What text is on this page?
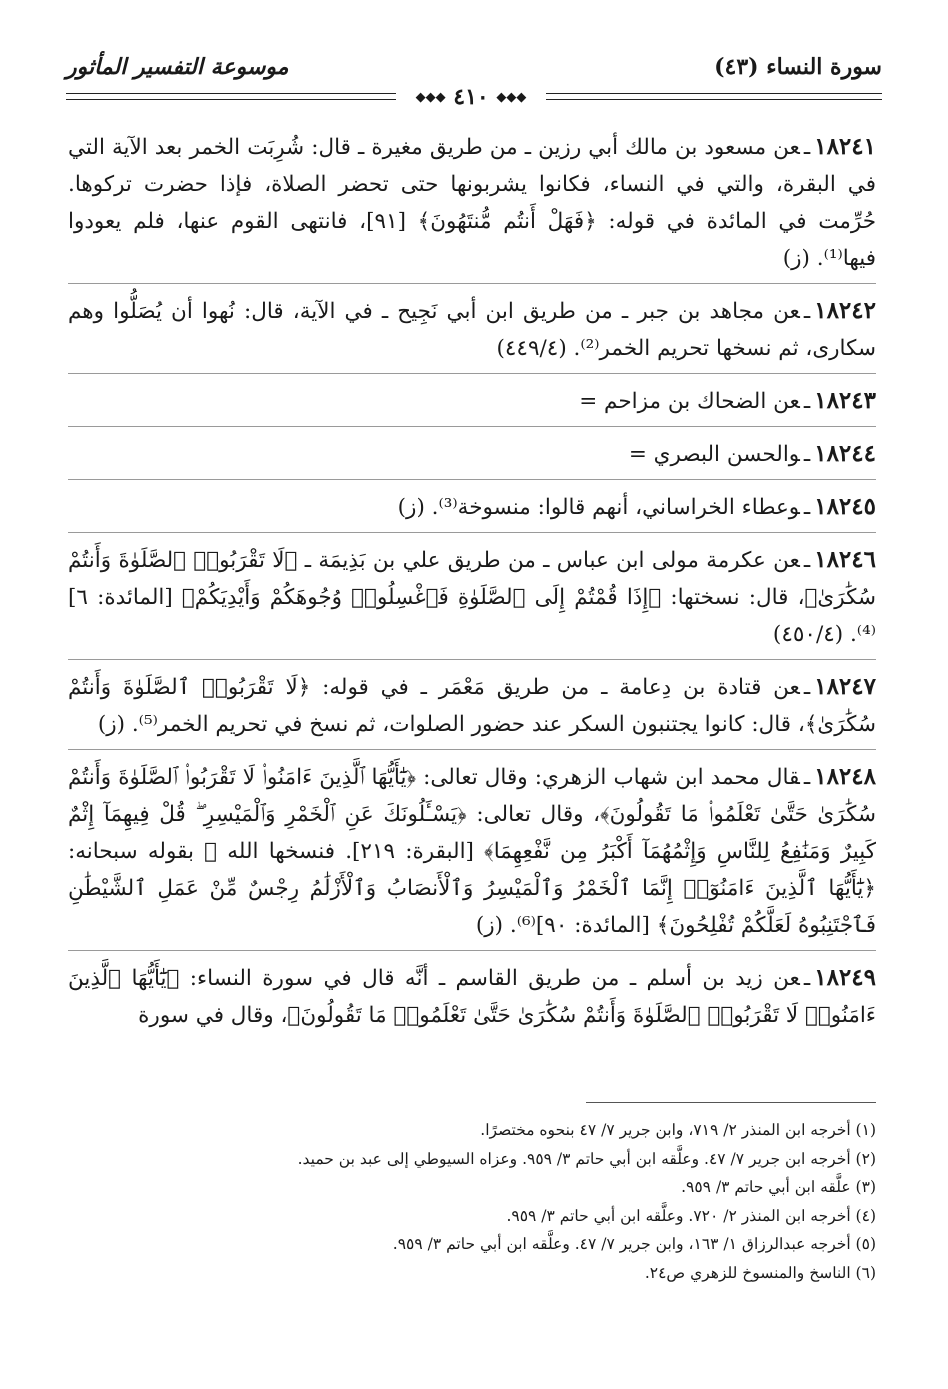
سورة النساء (٤٣)
موسوعة التفسير المأثور
◆◆◆ ٤١٠ ◆◆◆

١٨٢٤١ـعن مسعود بن مالك أبي رزين ـ من طريق مغيرة ـ قال: شُرِبَت الخمر بعد الآية التي في البقرة، والتي في النساء، فكانوا يشربونها حتى تحضر الصلاة، فإذا حضرت تركوها. حُرِّمت في المائدة في قوله: ﴿فَهَلْ أَنتُم مُّنتَهُونَ﴾ [٩١]، فانتهى القوم عنها، فلم يعودوا فيها⁽¹⁾. (ز)

١٨٢٤٢ـعن مجاهد بن جبر ـ من طريق ابن أبي نَجِيح ـ في الآية، قال: نُهوا أن يُصَلُّوا وهم سكارى، ثم نسخها تحريم الخمر⁽²⁾. (٤٤٩/٤)

١٨٢٤٣ـعن الضحاك بن مزاحم =

١٨٢٤٤ـوالحسن البصري =

١٨٢٤٥ـوعطاء الخراساني، أنهم قالوا: منسوخة⁽³⁾. (ز)

١٨٢٤٦ـعن عكرمة مولى ابن عباس ـ من طريق علي بن بَذِيمَة ـ ﴿لَا تَقْرَبُوا۟ ٱلصَّلَوٰةَ وَأَنتُمْ سُكَٰرَىٰ﴾، قال: نسختها: ﴿إِذَا قُمْتُمْ إِلَى ٱلصَّلَوٰةِ فَٱغْسِلُوا۟ وُجُوهَكُمْ وَأَيْدِيَكُمْ﴾ [المائدة: ٦]⁽⁴⁾. (٤٥٠/٤)

١٨٢٤٧ـعن قتادة بن دِعامة ـ من طريق مَعْمَر ـ في قوله: ﴿لَا تَقْرَبُوا۟ ٱلصَّلَوٰةَ وَأَنتُمْ سُكَٰرَىٰ﴾، قال: كانوا يجتنبون السكر عند حضور الصلوات، ثم نسخ في تحريم الخمر⁽⁵⁾. (ز)

١٨٢٤٨ـقال محمد ابن شهاب الزهري: وقال تعالى: ﴿يَٰٓأَيُّهَا ٱلَّذِينَ ءَامَنُوا۟ لَا تَقْرَبُوا۟ ٱلصَّلَوٰةَ وَأَنتُمْ سُكَٰرَىٰ حَتَّىٰ تَعْلَمُوا۟ مَا تَقُولُونَ﴾، وقال تعالى: ﴿يَسْـَٔلُونَكَ عَنِ ٱلْخَمْرِ وَٱلْمَيْسِرِ ۖ قُلْ فِيهِمَآ إِثْمٌ كَبِيرٌ وَمَنَٰفِعُ لِلنَّاسِ وَإِثْمُهُمَآ أَكْبَرُ مِن نَّفْعِهِمَا﴾ [البقرة: ٢١٩]. فنسخها الله ﷻ بقوله سبحانه: ﴿يَٰٓأَيُّهَا ٱلَّذِينَ ءَامَنُوٓا۟ إِنَّمَا ٱلْخَمْرُ وَٱلْمَيْسِرُ وَٱلْأَنصَابُ وَٱلْأَزْلَٰمُ رِجْسٌ مِّنْ عَمَلِ ٱلشَّيْطَٰنِ فَٱجْتَنِبُوهُ لَعَلَّكُمْ تُفْلِحُونَ﴾ [المائدة: ٩٠]⁽⁶⁾. (ز)

١٨٢٤٩ـعن زيد بن أسلم ـ من طريق القاسم ـ أنَّه قال في سورة النساء: ﴿يَٰٓأَيُّهَا ٱلَّذِينَ ءَامَنُوا۟ لَا تَقْرَبُوا۟ ٱلصَّلَوٰةَ وَأَنتُمْ سُكَٰرَىٰ حَتَّىٰ تَعْلَمُوا۟ مَا تَقُولُونَ﴾، وقال في سورة

(١) أخرجه ابن المنذر ٢/ ٧١٩، وابن جرير ٧/ ٤٧ بنحوه مختصرًا.

(٢) أخرجه ابن جرير ٧/ ٤٧. وعلَّقه ابن أبي حاتم ٣/ ٩٥٩. وعزاه السيوطي إلى عبد بن حميد.

(٣) علَّقه ابن أبي حاتم ٣/ ٩٥٩.

(٤) أخرجه ابن المنذر ٢/ ٧٢٠. وعلَّقه ابن أبي حاتم ٣/ ٩٥٩.

(٥) أخرجه عبدالرزاق ١/ ١٦٣، وابن جرير ٧/ ٤٧. وعلَّقه ابن أبي حاتم ٣/ ٩٥٩.

(٦) الناسخ والمنسوخ للزهري ص٢٤.
